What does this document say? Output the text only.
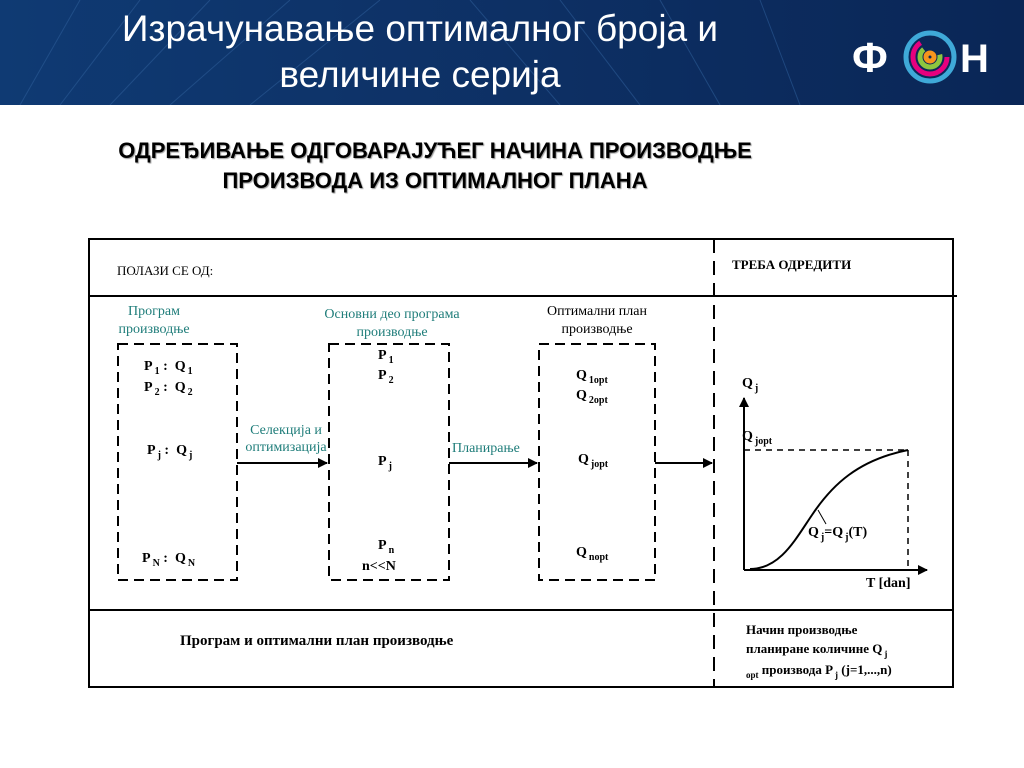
Израчунавање оптималног броја и
величине серија	Ф Н
ОДРЕЂИВАЊЕ ОДГОВАРАЈУЋЕГ НАЧИНА ПРОИЗВОДЊЕ
ПРОИЗВОДА ИЗ ОПТИМАЛНОГ ПЛАНА
ПОЛАЗИ СЕ ОД:	ТРЕБА ОДРЕДИТИ
Програм
производње
P $_1$ : Q $_1$
P $_2$ : Q $_2$
P $_j$ : Q $_j$
P $_N$ : Q $_N$
Селекција и
оптимизација
Основни део програма
производње
P $_1$
P $_2$
P $_j$
P $_n$
n<<N
Планирање
Оптимални план
производње
Q $_{1opt}$
Q $_{2opt}$
Q $_{jopt}$
Q $_{nopt}$
Q $_j$
Q $_{jopt}$
Q $_j$=Q $_j$(T)
T [dan]
Програм и оптимални план производње
Начин производње
планиране количине Q $_j$
$_{opt}$ производа P $_j$ (j=1,...,n)
